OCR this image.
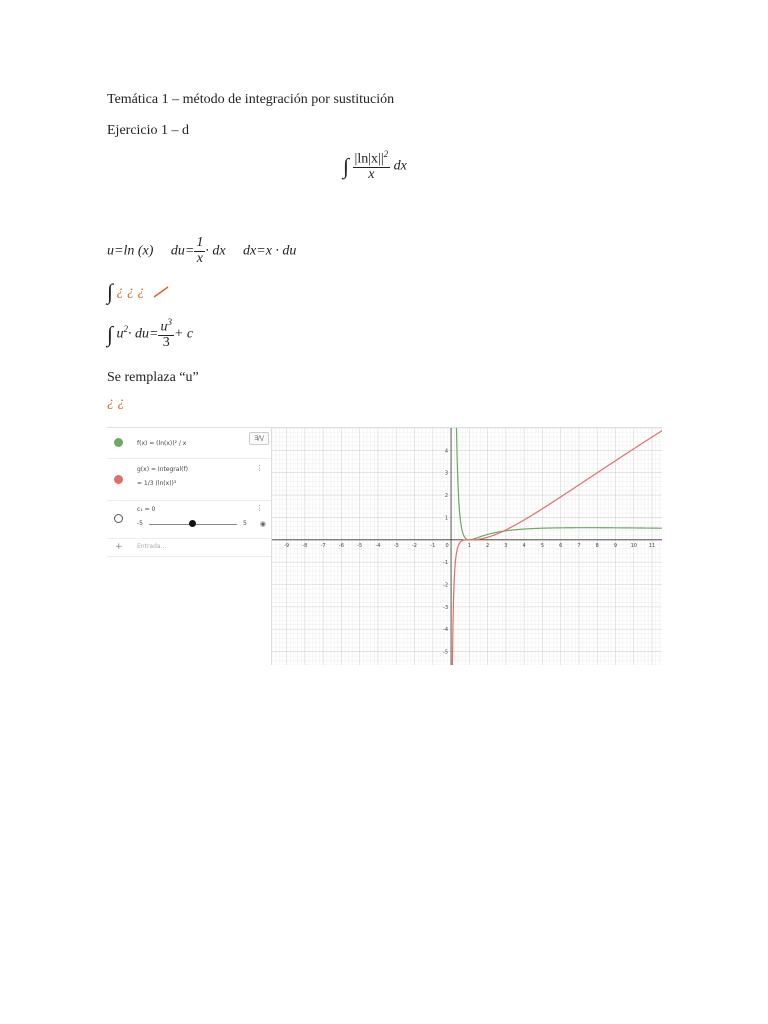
Temática 1 – método de integración por sustitución
Ejercicio 1 – d
∫ $\frac{|\ln|x||^2}{x}$ dx
u=ln (x) $du= \frac{1}{x}$ ∙ dx dx=x ∙ du
∫ ¿ ¿ ¿
∫ $u^2\cdot du= \frac{u^3}{3} + c$
Se remplaza “u”
¿ ¿
f(x) = (ln(x))² / x
g(x) = Integral(f)
= 1/3 (ln(x))³
⋮
c₁ = 0
-5	5
⋮
◉
+ Entrada...
∃/\/
-9	-8	-7	-6	-5	-4	-3	-2	-1 0	1	2	3	4	5	6	7	8	9	10 11
4
3
2
1
-1
-2
-3
-4
-5
